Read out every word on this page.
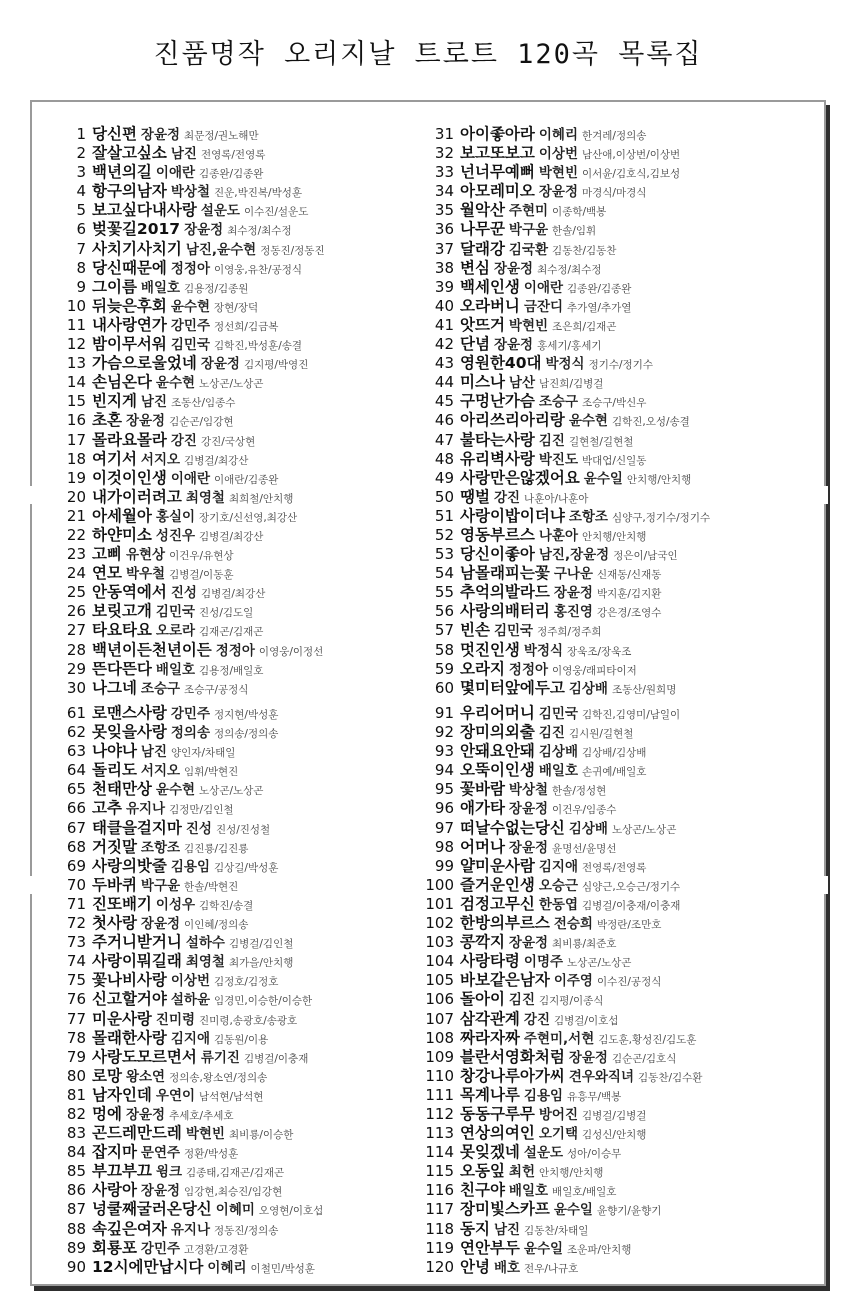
진품명작 오리지날 트로트 120곡 목록집
1 당신편 장윤정 최문정/권노해만
2 잘살고싶소 남진 전영록/전영록
3 백년의길 이애란 김종완/김종완
4 항구의남자 박상철 진운,박진복/박성훈
5 보고싶다내사랑 설운도 이수진/설운도
6 벚꽃길2017 장윤정 최수정/최수정
7 사치기사치기 남진,윤수현 정동진/정동진
8 당신때문에 정정아 이영웅,유찬/공정식
9 그이름 배일호 김용정/김종원
10 뒤늦은후회 윤수현 장현/장덕
11 내사랑연가 강민주 정선희/김금복
12 밤이무서워 김민국 김학진,박성훈/송결
13 가슴으로울었네 장윤정 김지평/박영진
14 손님온다 윤수현 노상곤/노상곤
15 빈지게 남진 조동산/임종수
16 초혼 장윤정 김순곤/임강현
17 몰라요몰라 강진 강진/국상현
18 여기서 서지오 김병걸/최강산
19 이것이인생 이애란 이애란/김종완
20 내가이러려고 최영철 최희철/안치행
21 아세월아 홍실이 장기호/신선영,최강산
22 하얀미소 성진우 김병걸/최강산
23 고삐 유현상 이건우/유현상
24 연모 박우철 김병걸/이동훈
25 안동역에서 진성 김병걸/최강산
26 보릿고개 김민국 진성/김도일
27 타요타요 오로라 김재곤/김재곤
28 백년이든천년이든 정정아 이영웅/이정선
29 뜬다뜬다 배일호 김용정/배일호
30 나그네 조승구 조승구/공정식
31 아이좋아라 이혜리 한겨레/정의송
32 보고또보고 이상번 남산애,이상번/이상번
33 넌너무예뻐 박현빈 이서윤/김호식,김보성
34 아모레미오 장윤정 마경식/마경식
35 월악산 주현미 이종학/백봉
36 나무꾼 박구윤 한솔/임휘
37 달래강 김국환 김동찬/김동찬
38 변심 장윤정 최수정/최수정
39 백세인생 이애란 김종완/김종완
40 오라버니 금잔디 추가열/추가열
41 앗뜨거 박현빈 조은희/김재곤
42 단념 장윤정 홍세기/홍세기
43 영원한40대 박정식 정기수/정기수
44 미스나 남산 남진희/김병걸
45 구멍난가슴 조승구 조승구/박신우
46 아리쓰리아리랑 윤수현 김학진,오성/송결
47 불타는사랑 김진 길현철/길현철
48 유리벽사랑 박진도 박대업/신일동
49 사랑만은않겠어요 윤수일 안치행/안치행
50 땡벌 강진 나훈아/나훈아
51 사랑이밥이더냐 조항조 심양구,정기수/정기수
52 영동부르스 나훈아 안치행/안치행
53 당신이좋아 남진,장윤정 정은이/남국인
54 남몰래피는꽃 구나운 신재동/신재동
55 추억의발라드 장윤정 박지훈/김지환
56 사랑의배터리 홍진영 강은경/조영수
57 빈손 김민국 정주희/정주희
58 멋진인생 박정식 장욱조/장욱조
59 오라지 정정아 이영웅/래피타이저
60 몇미터앞에두고 김상배 조동산/원희명
61 로맨스사랑 강민주 정지현/박성훈
62 못잊을사랑 정의송 정의송/정의송
63 나야나 남진 양인자/차태일
64 돌리도 서지오 임휘/박현진
65 천태만상 윤수현 노상곤/노상곤
66 고추 유지나 김정만/김인철
67 태클을걸지마 진성 진성/진성철
68 거짓말 조항조 김진룡/김진룡
69 사랑의밧줄 김용임 김상길/박성훈
70 두바퀴 박구윤 한솔/박현진
71 진또배기 이성우 김학진/송결
72 첫사랑 장윤정 이인혜/정의송
73 주거니받거니 설하수 김병걸/김인철
74 사랑이뭐길래 최영철 최가을/안치행
75 꽃나비사랑 이상번 김정호/김정호
76 신고할거야 설하윤 임경민,이승한/이승한
77 미운사랑 진미령 진미령,송광호/송광호
78 몰래한사랑 김지애 김동원/이용
79 사랑도모르면서 류기진 김병걸/이충재
80 로망 왕소연 정의송,왕소연/정의송
81 남자인데 우연이 남석현/남석현
82 멍에 장윤정 추세호/추세호
83 곤드레만드레 박현빈 최비룡/이승한
84 잡지마 문연주 정환/박성훈
85 부끄부끄 윙크 김종태,김재곤/김재곤
86 사랑아 장윤정 임강현,최승진/임강현
87 넝쿨째굴러온당신 이혜미 오영현/이호섭
88 속깊은여자 유지나 정동진/정의송
89 회룡포 강민주 고경환/고경환
90 12시에만납시다 이혜리 이철민/박성훈
91 우리어머니 김민국 김학진,김영미/남일이
92 장미의외출 김진 김시원/길현철
93 안돼요안돼 김상배 김상배/김상배
94 오뚝이인생 배일호 손귀예/배일호
95 꽃바람 박상철 한솔/정성현
96 애가타 장윤정 이건우/임종수
97 떠날수없는당신 김상배 노상곤/노상곤
98 어머나 장윤정 윤명선/윤명선
99 얄미운사람 김지애 전영록/전영록
100 즐거운인생 오승근 심양근,오승근/정기수
101 검정고무신 한동엽 김병걸/이충재/이충재
102 한방의부르스 전승희 박정란/조만호
103 콩깍지 장윤정 최비룡/최준호
104 사랑타령 이명주 노상곤/노상곤
105 바보같은남자 이주영 이수진/공정식
106 돌아이 김진 김지평/이종식
107 삼각관계 강진 김병걸/이호섭
108 짜라자짜 주현미,서현 김도훈,황성진/김도훈
109 블란서영화처럼 장윤정 김순곤/김호식
110 창강나루아가씨 견우와직녀 김동찬/김수환
111 목계나루 김용임 유흥무/백봉
112 동동구루무 방어진 김병걸/김병걸
113 연상의여인 오기택 김성신/안치행
114 못잊겠네 설운도 성아/이승무
115 오동잎 최헌 안치행/안치행
116 친구야 배일호 배일호/배일호
117 장미빛스카프 윤수일 윤향기/윤향기
118 동지 남진 김동찬/차태일
119 연안부두 윤수일 조운파/안치행
120 안녕 배호 전우/나규호
